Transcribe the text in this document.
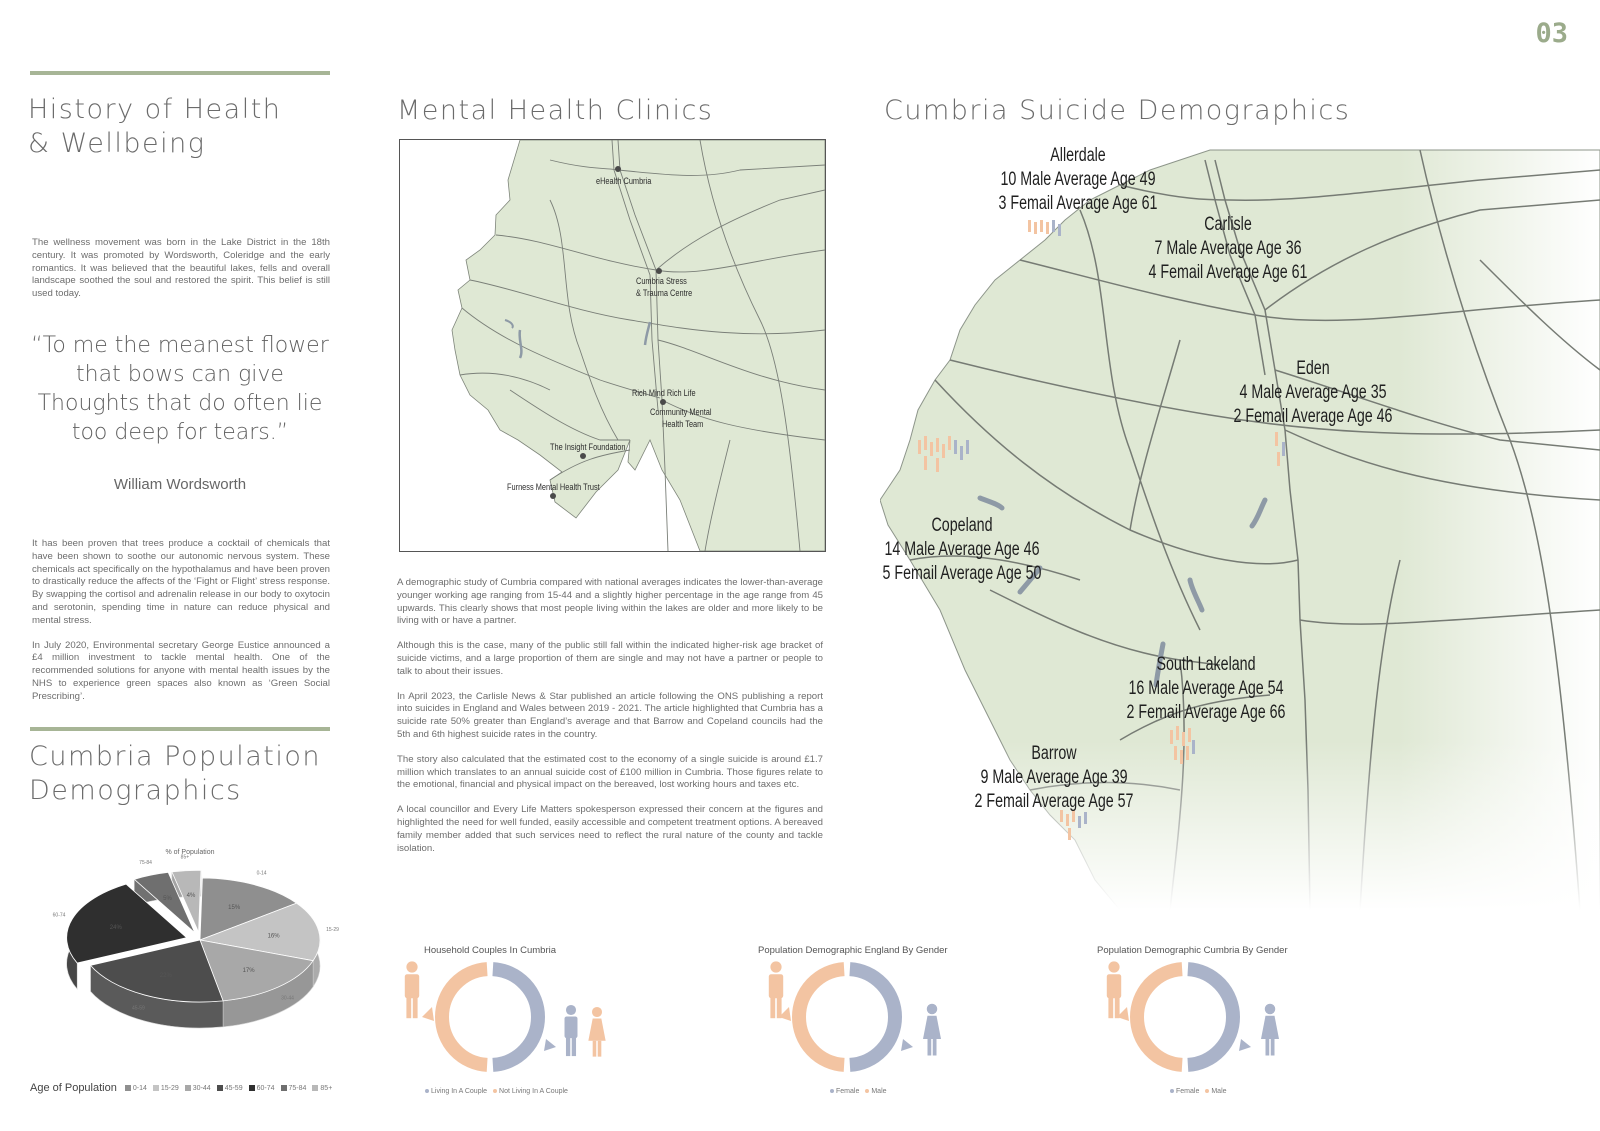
03
History of Health
& Wellbeing
The wellness movement was born in the Lake District in the 18th century. It was promoted by Wordsworth, Coleridge and the early romantics. It was believed that the beautiful lakes, fells and overall landscape soothed the soul and restored the spirit. This belief is still used today.
“To me the meanest flower
that bows can give
Thoughts that do often lie
too deep for tears.”
William Wordsworth

It has been proven that trees produce a cocktail of chemicals that have been shown to soothe our autonomic nervous system. These chemicals act specifically on the hypothalamus and have been proven to drastically reduce the affects of the ‘Fight or Flight’ stress response. By swapping the cortisol and adrenalin release in our body to oxytocin and serotonin, spending time in nature can reduce physical and mental stress.

In July 2020, Environmental secretary George Eustice announced a £4 million investment to tackle mental health. One of the recommended solutions for anyone with mental health issues by the NHS to experience green spaces also known as ‘Green Social Prescribing’.

Cumbria Population
Demographics
% of Population
15%
0-14
16%
15-29
17%
30-44
22%
45-59
24%
60-74
5%
75-84
4%
85+
Age of Population	0-14	15-29	30-44	45-59	60-74	75-84	85+
Mental Health Clinics
eHealth Cumbria
Cumbria Stress
& Trauma Centre
Rich Mind Rich Life
Community Mental
Health Team
The Insight Foundation
Furness Mental Health Trust

A demographic study of Cumbria compared with national averages indicates the lower-than-average younger working age ranging from 15-44 and a slightly higher percentage in the age range from 45 upwards. This clearly shows that most people living within the lakes are older and more likely to be living with or have a partner.

Although this is the case, many of the public still fall within the indicated higher-risk age bracket of suicide victims, and a large proportion of them are single and may not have a partner or people to talk to about their issues.

In April 2023, the Carlisle News & Star published an article following the ONS publishing a report into suicides in England and Wales between 2019 - 2021. The article highlighted that Cumbria has a suicide rate 50% greater than England’s average and that Barrow and Copeland councils had the 5th and 6th highest suicide rates in the country.

The story also calculated that the estimated cost to the economy of a single suicide is around £1.7 million which translates to an annual suicide cost of £100 million in Cumbria. Those figures relate to the emotional, financial and physical impact on the bereaved, lost working hours and taxes etc.

A local councillor and Every Life Matters spokesperson expressed their concern at the figures and highlighted the need for well funded, easily accessible and competent treatment options. A bereaved family member added that such services need to reflect the rural nature of the county and tackle isolation.

Cumbria Suicide Demographics
Allerdale
10 Male Average Age 49
3 Femail Average Age 61
Carlisle
7 Male Average Age 36
4 Femail Average Age 61
Eden
4 Male Average Age 35
2 Femail Average Age 46
Copeland
14 Male Average Age 46
5 Femail Average Age 50
South Lakeland
16 Male Average Age 54
2 Femail Average Age 66
Barrow
9 Male Average Age 39
2 Femail Average Age 57
Household Couples In Cumbria	Population Demographic England By Gender	Population Demographic Cumbria By Gender
Living In A Couple	Not Living In A Couple	Female	Male	Female	Male
